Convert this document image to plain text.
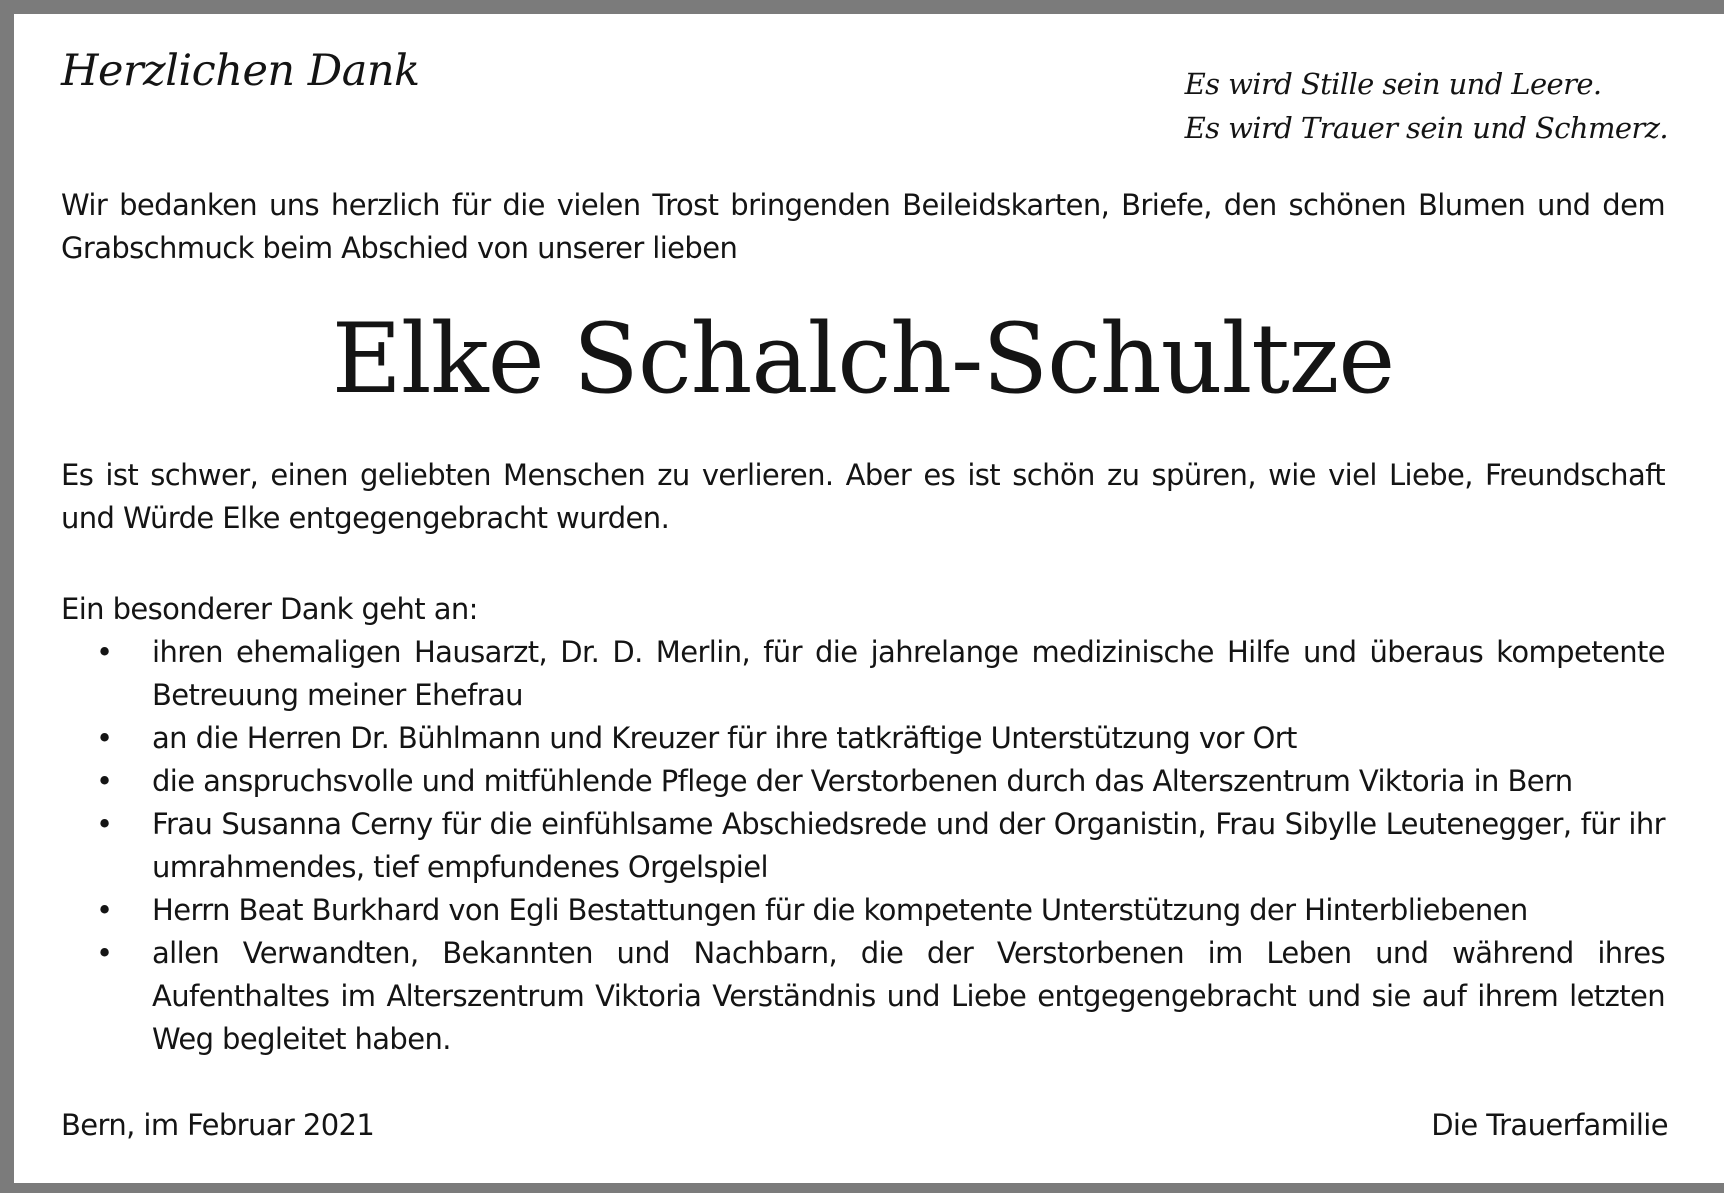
Herzlichen Dank	Es wird Stille sein und Leere.
Es wird Trauer sein und Schmerz.

Wir bedanken uns herzlich für die vielen Trost bringenden Beileidskarten, Briefe, den schönen Blumen und dem Grabschmuck beim Abschied von unserer lieben

Elke Schalch-Schultze

Es ist schwer, einen geliebten Menschen zu verlieren. Aber es ist schön zu spüren, wie viel Liebe, Freundschaft und Würde Elke entgegengebracht wurden.

Ein besonderer Dank geht an:

• ihren ehemaligen Hausarzt, Dr. D. Merlin, für die jahrelange medizinische Hilfe und überaus kompetente Betreuung meiner Ehefrau
• an die Herren Dr. Bühlmann und Kreuzer für ihre tatkräftige Unterstützung vor Ort
• die anspruchsvolle und mitfühlende Pflege der Verstorbenen durch das Alterszentrum Viktoria in Bern
• Frau Susanna Cerny für die einfühlsame Abschiedsrede und der Organistin, Frau Sibylle Leutenegger, für ihr umrahmendes, tief empfundenes Orgelspiel
• Herrn Beat Burkhard von Egli Bestattungen für die kompetente Unterstützung der Hinterbliebenen
• allen Verwandten, Bekannten und Nachbarn, die der Verstorbenen im Leben und während ihres Aufenthaltes im Alterszentrum Viktoria Verständnis und Liebe entgegengebracht und sie auf ihrem letzten Weg begleitet haben.
Bern, im Februar 2021	Die Trauerfamilie
